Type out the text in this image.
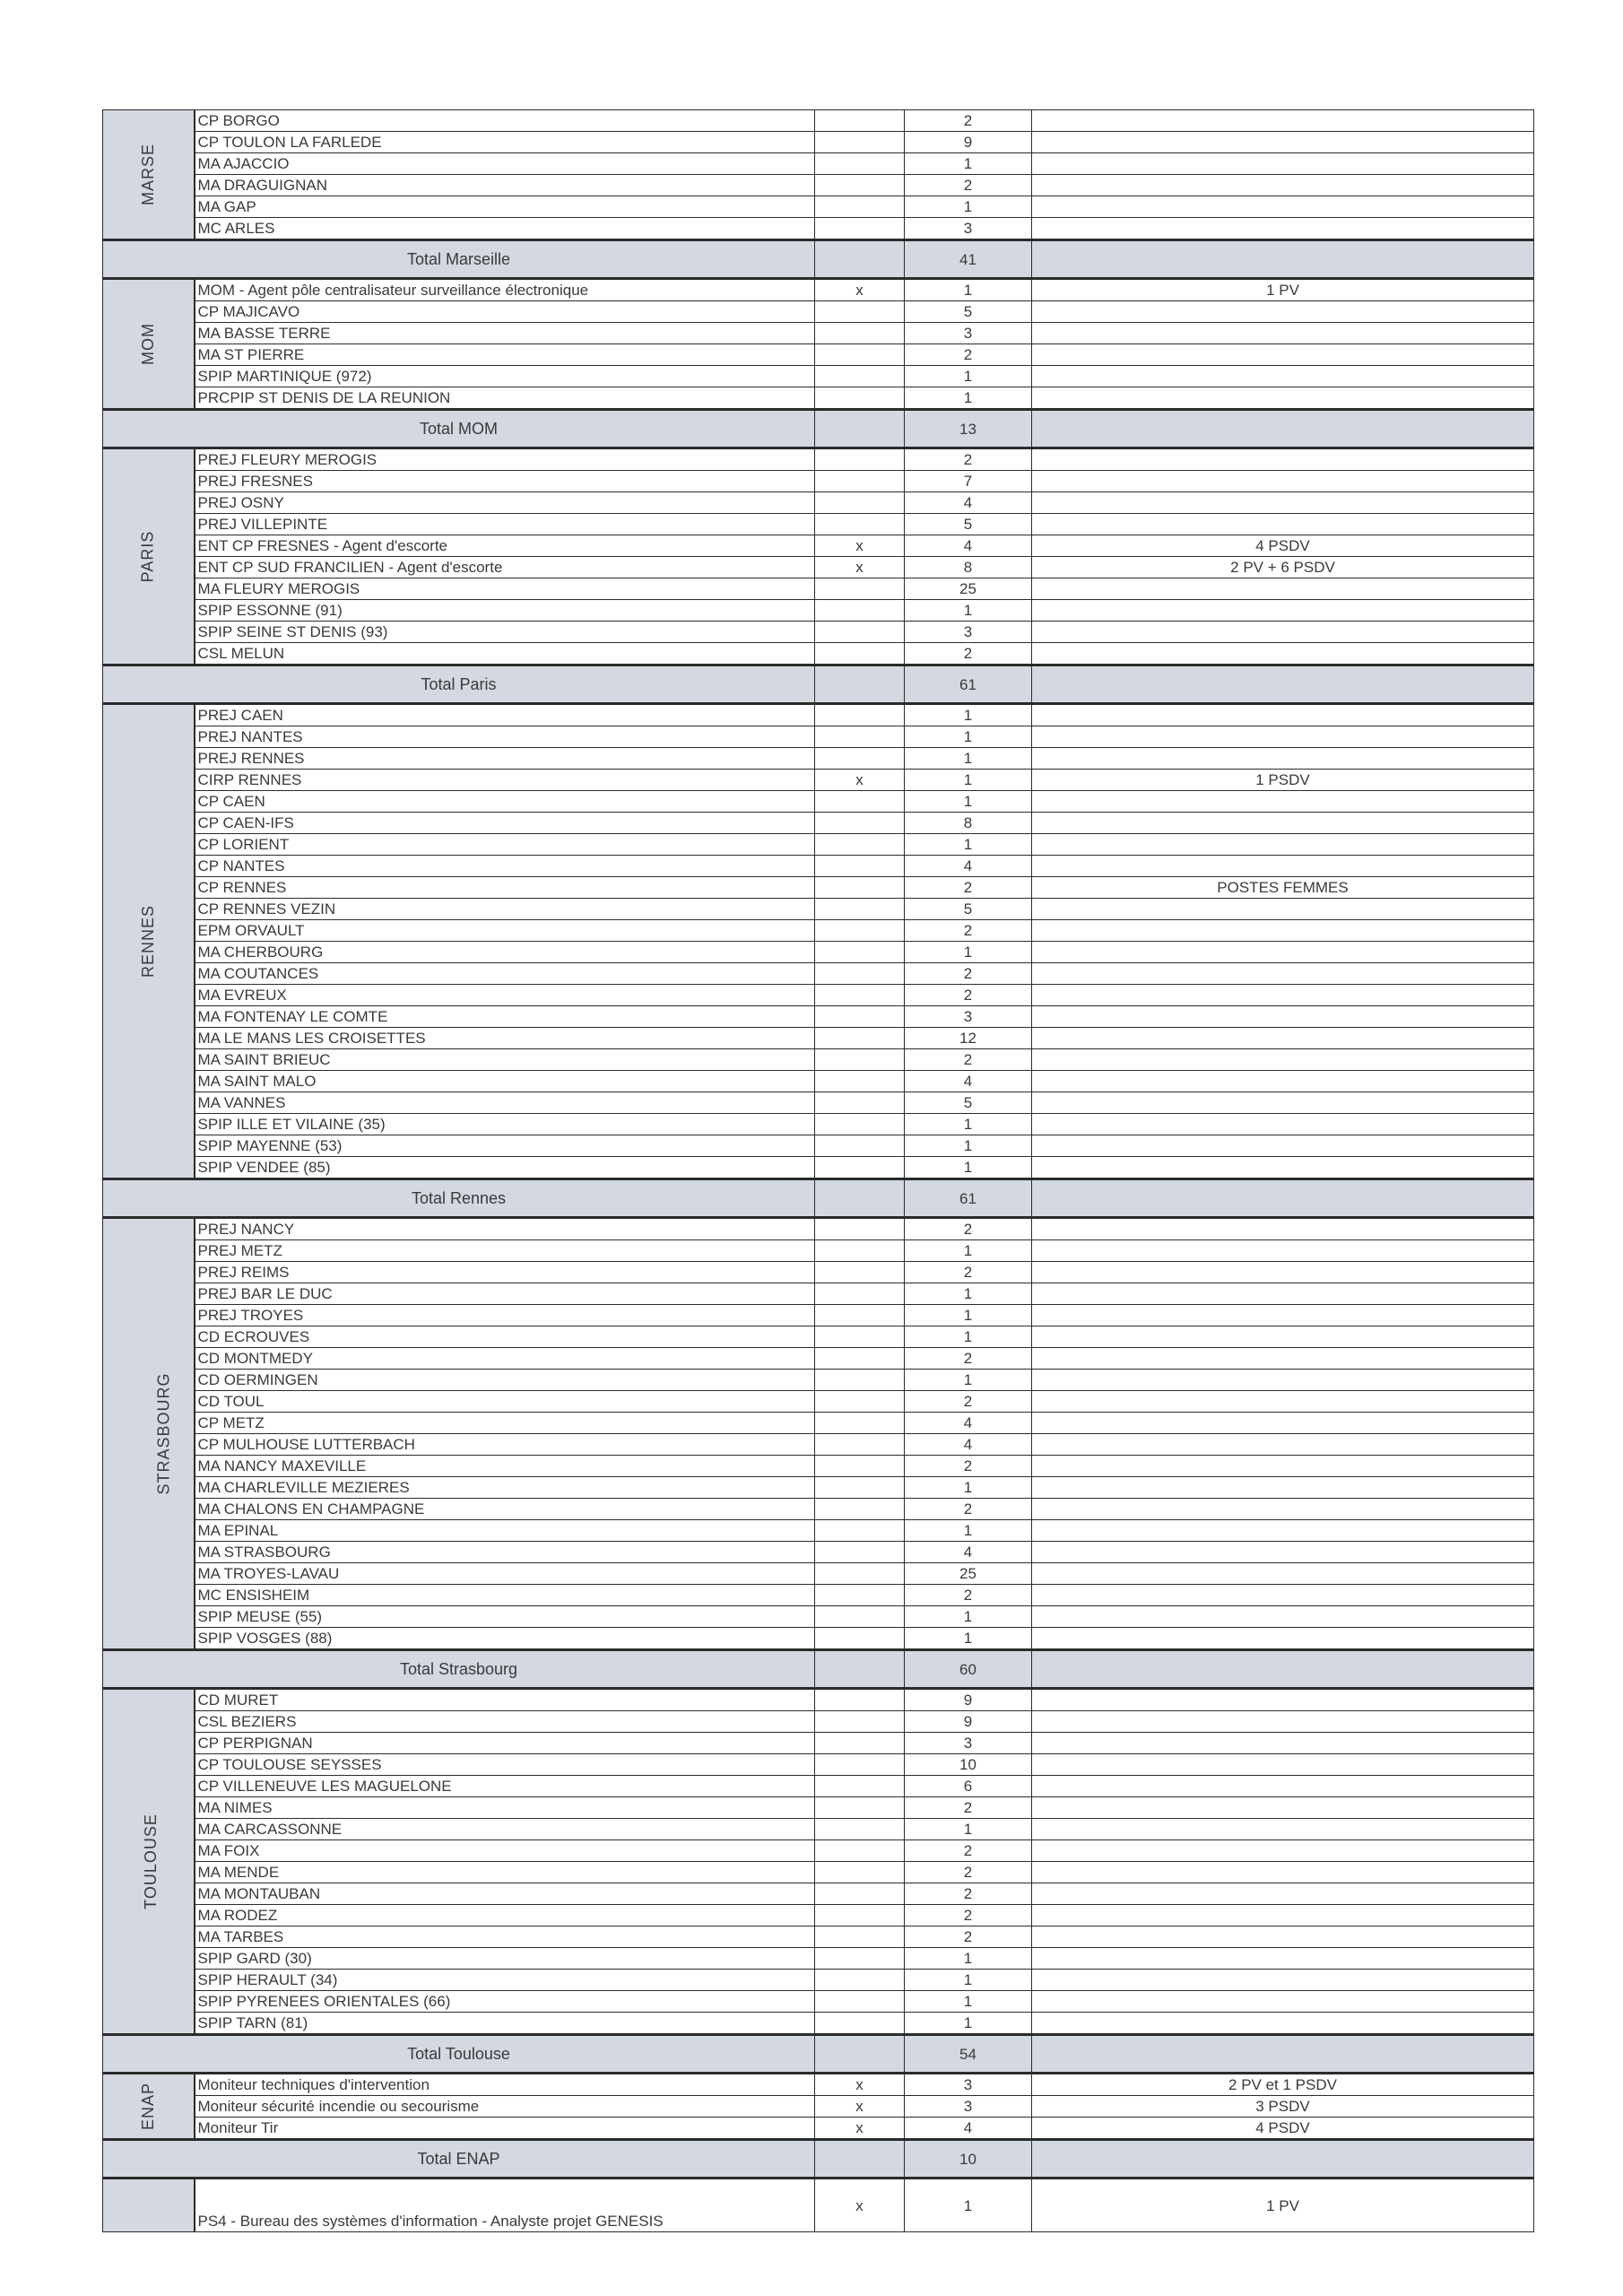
MARSE	CP BORGO		2	
	CP TOULON LA FARLEDE		9	
	MA AJACCIO		1	
	MA DRAGUIGNAN		2	
	MA GAP		1	
	MC ARLES		3	
Total Marseille			41	
MOM	MOM - Agent pôle centralisateur surveillance électronique	x	1	1 PV
	CP MAJICAVO		5	
	MA BASSE TERRE		3	
	MA ST PIERRE		2	
	SPIP MARTINIQUE (972)		1	
	PRCPIP ST DENIS DE LA REUNION		1	
Total MOM			13	
PARIS	PREJ FLEURY MEROGIS		2	
	PREJ FRESNES		7	
	PREJ OSNY		4	
	PREJ VILLEPINTE		5	
	ENT CP FRESNES - Agent d'escorte	x	4	4 PSDV
	ENT CP SUD FRANCILIEN - Agent d'escorte	x	8	2 PV + 6 PSDV
	MA FLEURY MEROGIS		25	
	SPIP ESSONNE (91)		1	
	SPIP SEINE ST DENIS (93)		3	
	CSL MELUN		2	
Total Paris			61	
RENNES	PREJ CAEN		1	
	PREJ NANTES		1	
	PREJ RENNES		1	
	CIRP RENNES	x	1	1 PSDV
	CP CAEN		1	
	CP CAEN-IFS		8	
	CP LORIENT		1	
	CP NANTES		4	
	CP RENNES		2	POSTES FEMMES
	CP RENNES VEZIN		5	
	EPM ORVAULT		2	
	MA CHERBOURG		1	
	MA COUTANCES		2	
	MA EVREUX		2	
	MA FONTENAY LE COMTE		3	
	MA LE MANS LES CROISETTES		12	
	MA SAINT BRIEUC		2	
	MA SAINT MALO		4	
	MA VANNES		5	
	SPIP ILLE ET VILAINE (35)		1	
	SPIP MAYENNE (53)		1	
	SPIP VENDEE (85)		1	
Total Rennes			61	
STRASBOURG	PREJ NANCY		2	
	PREJ METZ		1	
	PREJ REIMS		2	
	PREJ BAR LE DUC		1	
	PREJ TROYES		1	
	CD ECROUVES		1	
	CD MONTMEDY		2	
	CD OERMINGEN		1	
	CD TOUL		2	
	CP METZ		4	
	CP MULHOUSE LUTTERBACH		4	
	MA NANCY MAXEVILLE		2	
	MA CHARLEVILLE MEZIERES		1	
	MA CHALONS EN CHAMPAGNE		2	
	MA EPINAL		1	
	MA STRASBOURG		4	
	MA TROYES-LAVAU		25	
	MC ENSISHEIM		2	
	SPIP MEUSE (55)		1	
	SPIP VOSGES (88)		1	
Total Strasbourg			60	
TOULOUSE	CD MURET		9	
	CSL BEZIERS		9	
	CP PERPIGNAN		3	
	CP TOULOUSE SEYSSES		10	
	CP VILLENEUVE LES MAGUELONE		6	
	MA NIMES		2	
	MA CARCASSONNE		1	
	MA FOIX		2	
	MA MENDE		2	
	MA MONTAUBAN		2	
	MA RODEZ		2	
	MA TARBES		2	
	SPIP GARD (30)		1	
	SPIP HERAULT (34)		1	
	SPIP PYRENEES ORIENTALES (66)		1	
	SPIP TARN (81)		1	
Total Toulouse			54	
ENAP	Moniteur techniques d'intervention	x	3	2 PV et 1 PSDV
	Moniteur sécurité incendie ou secourisme	x	3	3 PSDV
	Moniteur Tir	x	4	4 PSDV
Total ENAP			10	
	PS4 - Bureau des systèmes d'information - Analyste projet GENESIS	x	1	1 PV
